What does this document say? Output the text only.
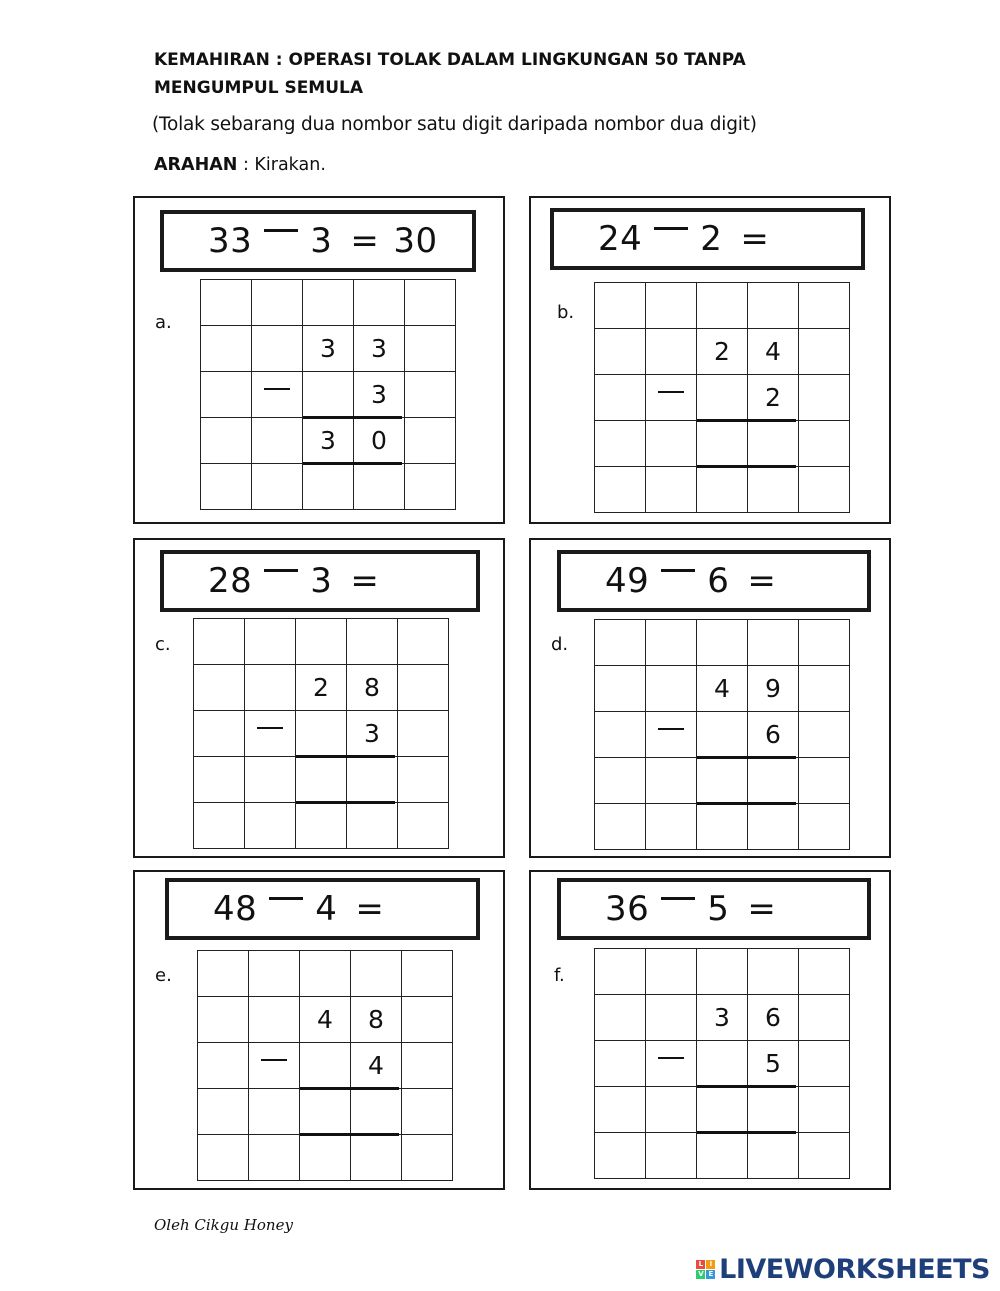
KEMAHIRAN : OPERASI TOLAK DALAM LINGKUNGAN 50 TANPA MENGUMPUL SEMULA
(Tolak sebarang dua nombor satu digit daripada nombor dua digit)
ARAHAN : Kirakan.
33 3 = 30
a.

		3	3	
			3	
		3	0	

24 2 =
b.

		2	4	
			2	

28 3 =
c.

		2	8	
			3	

49 6 =
d.

		4	9	
			6	

48 4 =
e.

		4	8	
			4	

36 5 =
f.

		3	6	
			5	

Oleh Cikgu Honey
L I
V E LIVEWORKSHEETS
